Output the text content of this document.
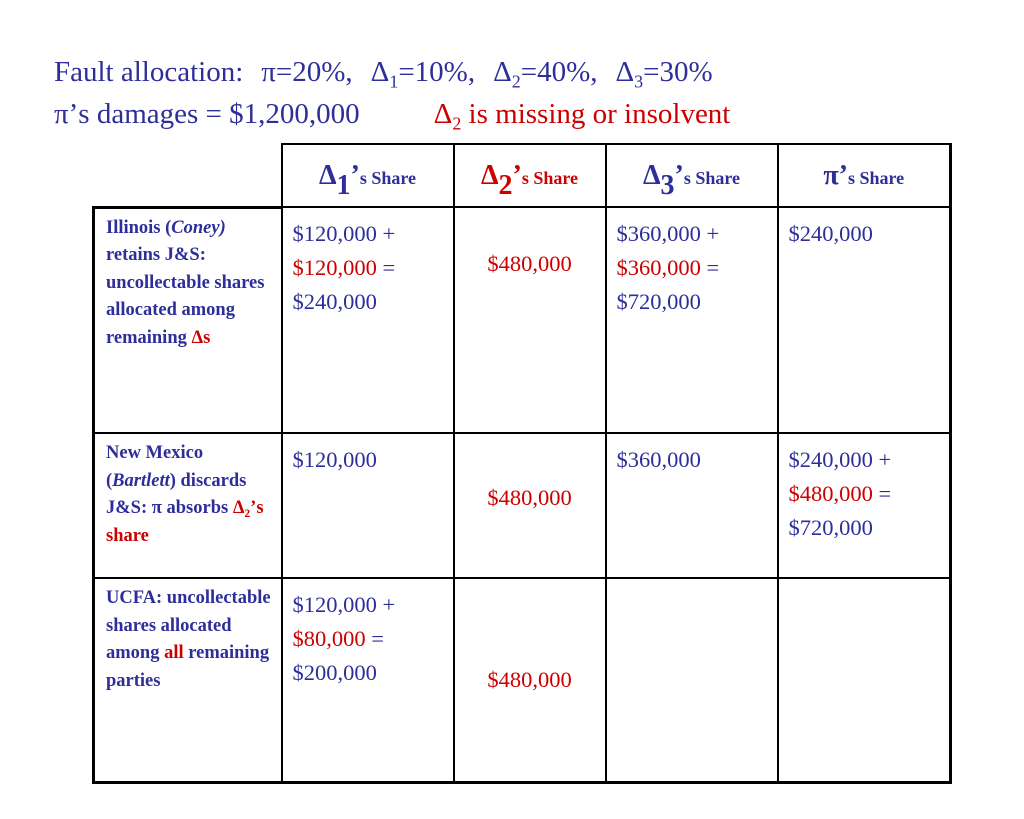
Fault allocation: π=20%, $\Delta_1=10\%$, $\Delta_2=40\%$, $\Delta_3=30\%$
π’s damages = $1,200,000	$\Delta_2$ is missing or insolvent
	$\Delta_1’s$ Share	$\Delta_2’s$ Share	$\Delta_3’s$ Share	π’s Share
Illinois (Coney) retains J&S: uncollectable shares allocated among remaining Δs	$120,000 +
$120,000 =
$240,000	$480,000	$360,000 +
$360,000 =
$720,000	$240,000

New Mexico (Bartlett) discards J&S: π absorbs $\Delta_2’s$ share	$120,000	$480,000	$360,000	$240,000 +
$480,000 =
$720,000

UCFA: uncollectable shares allocated among all remaining parties	$120,000 +
$80,000 =
$200,000	$480,000	
